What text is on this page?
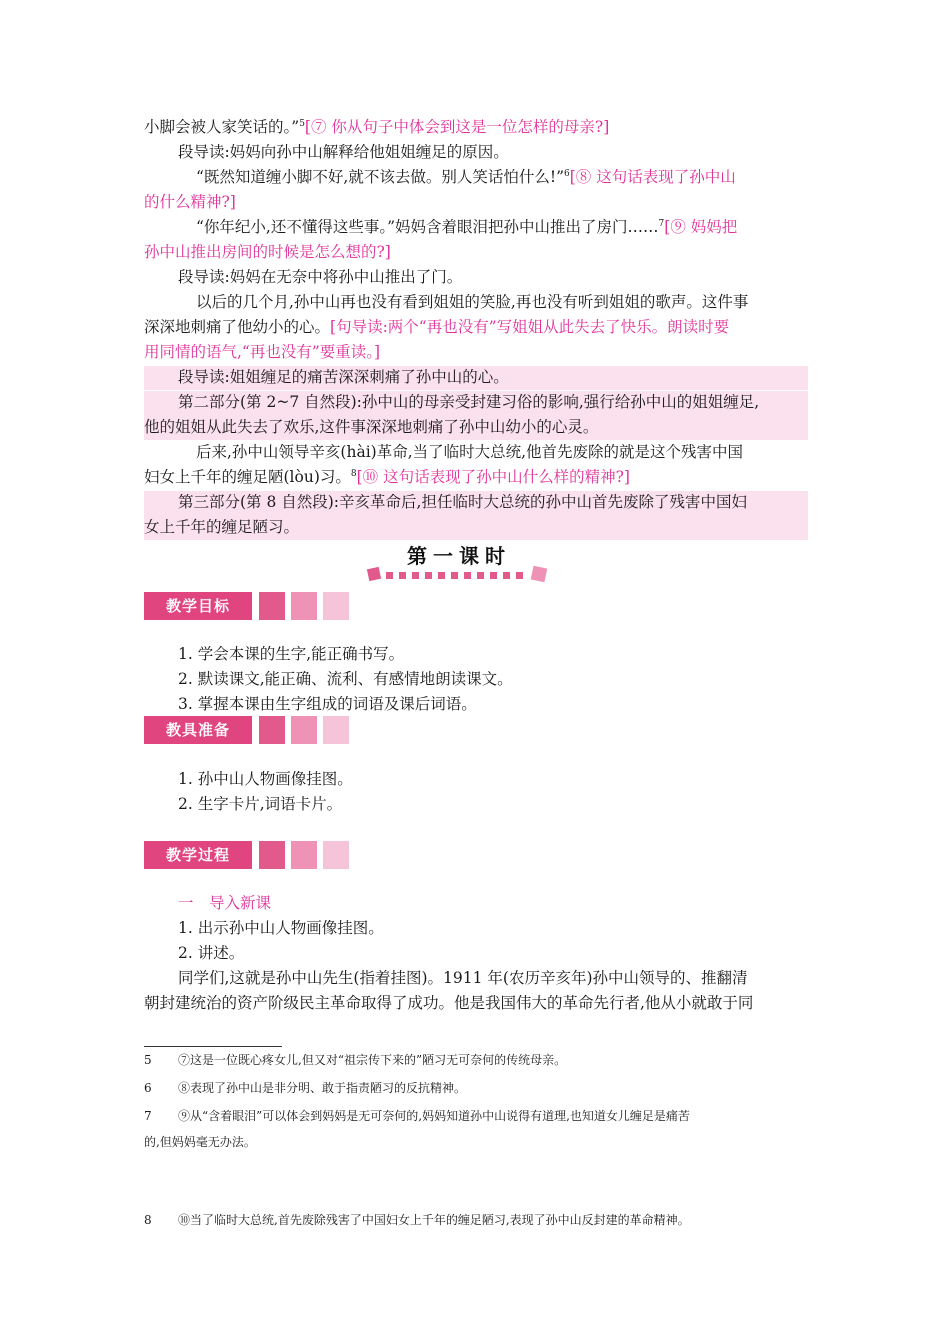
小脚会被人家笑话的。”$^5$[⑦ 你从句子中体会到这是一位怎样的母亲?]
段导读:妈妈向孙中山解释给他姐姐缠足的原因。
“既然知道缠小脚不好,就不该去做。别人笑话怕什么!”$^6$[⑧ 这句话表现了孙中山
的什么精神?]
“你年纪小,还不懂得这些事。”妈妈含着眼泪把孙中山推出了房门……$^7$[⑨ 妈妈把
孙中山推出房间的时候是怎么想的?]
段导读:妈妈在无奈中将孙中山推出了门。
以后的几个月,孙中山再也没有看到姐姐的笑脸,再也没有听到姐姐的歌声。这件事
深深地刺痛了他幼小的心。[句导读:两个“再也没有”写姐姐从此失去了快乐。朗读时要
用同情的语气,“再也没有”要重读。]
段导读:姐姐缠足的痛苦深深刺痛了孙中山的心。
第二部分(第 2~7 自然段):孙中山的母亲受封建习俗的影响,强行给孙中山的姐姐缠足,
他的姐姐从此失去了欢乐,这件事深深地刺痛了孙中山幼小的心灵。
后来,孙中山领导辛亥(hài)革命,当了临时大总统,他首先废除的就是这个残害中国
妇女上千年的缠足陋(lòu)习。$^8$[⑩ 这句话表现了孙中山什么样的精神?]
第三部分(第 8 自然段):辛亥革命后,担任临时大总统的孙中山首先废除了残害中国妇
女上千年的缠足陋习。
第一课时
教学目标
1. 学会本课的生字,能正确书写。
2. 默读课文,能正确、流利、有感情地朗读课文。
3. 掌握本课由生字组成的词语及课后词语。
教具准备
1. 孙中山人物画像挂图。
2. 生字卡片,词语卡片。
教学过程
一　导入新课
1. 出示孙中山人物画像挂图。
2. 讲述。
同学们,这就是孙中山先生(指着挂图)。1911 年(农历辛亥年)孙中山领导的、推翻清
朝封建统治的资产阶级民主革命取得了成功。他是我国伟大的革命先行者,他从小就敢于同
5 ⑦这是一位既心疼女儿,但又对“祖宗传下来的”陋习无可奈何的传统母亲。
6 ⑧表现了孙中山是非分明、敢于指责陋习的反抗精神。
7 ⑨从“含着眼泪”可以体会到妈妈是无可奈何的,妈妈知道孙中山说得有道理,也知道女儿缠足是痛苦
的,但妈妈毫无办法。
8 ⑩当了临时大总统,首先废除残害了中国妇女上千年的缠足陋习,表现了孙中山反封建的革命精神。
